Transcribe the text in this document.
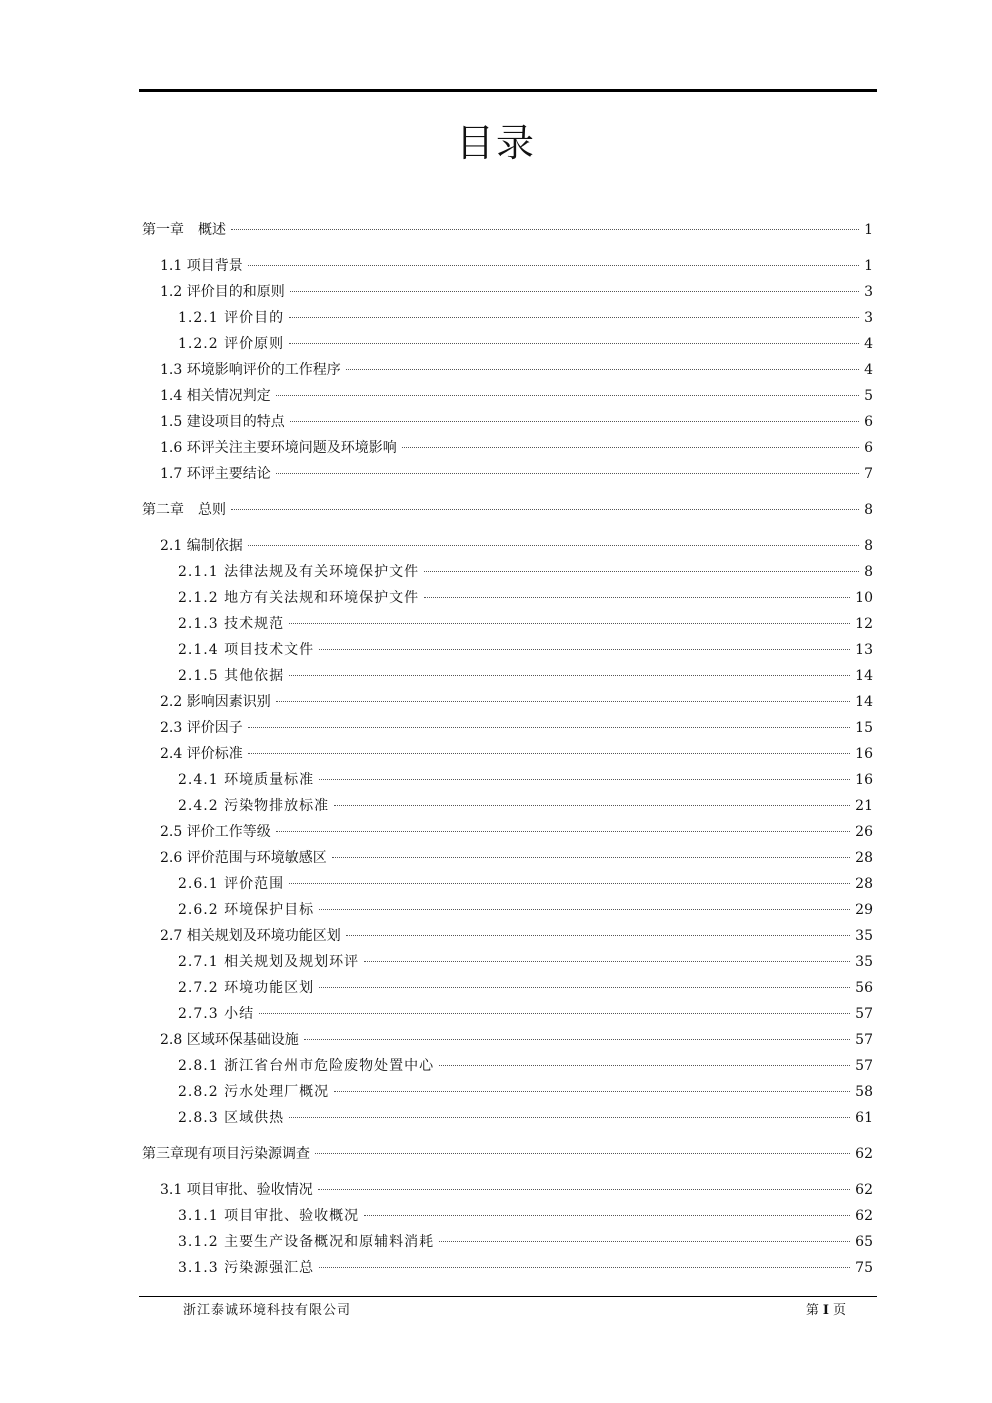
目录
第一章　概述	1
1.1 项目背景	1
1.2 评价目的和原则	3
1.2.1 评价目的	3
1.2.2 评价原则	4
1.3 环境影响评价的工作程序	4
1.4 相关情况判定	5
1.5 建设项目的特点	6
1.6 环评关注主要环境问题及环境影响	6
1.7 环评主要结论	7
第二章　总则	8
2.1 编制依据	8
2.1.1 法律法规及有关环境保护文件	8
2.1.2 地方有关法规和环境保护文件	10
2.1.3 技术规范	12
2.1.4 项目技术文件	13
2.1.5 其他依据	14
2.2 影响因素识别	14
2.3 评价因子	15
2.4 评价标准	16
2.4.1 环境质量标准	16
2.4.2 污染物排放标准	21
2.5 评价工作等级	26
2.6 评价范围与环境敏感区	28
2.6.1 评价范围	28
2.6.2 环境保护目标	29
2.7 相关规划及环境功能区划	35
2.7.1 相关规划及规划环评	35
2.7.2 环境功能区划	56
2.7.3 小结	57
2.8 区域环保基础设施	57
2.8.1 浙江省台州市危险废物处置中心	57
2.8.2 污水处理厂概况	58
2.8.3 区域供热	61
第三章现有项目污染源调查	62
3.1 项目审批、验收情况	62
3.1.1 项目审批、验收概况	62
3.1.2 主要生产设备概况和原辅料消耗	65
3.1.3 污染源强汇总	75
浙江泰诚环境科技有限公司	第 I 页
